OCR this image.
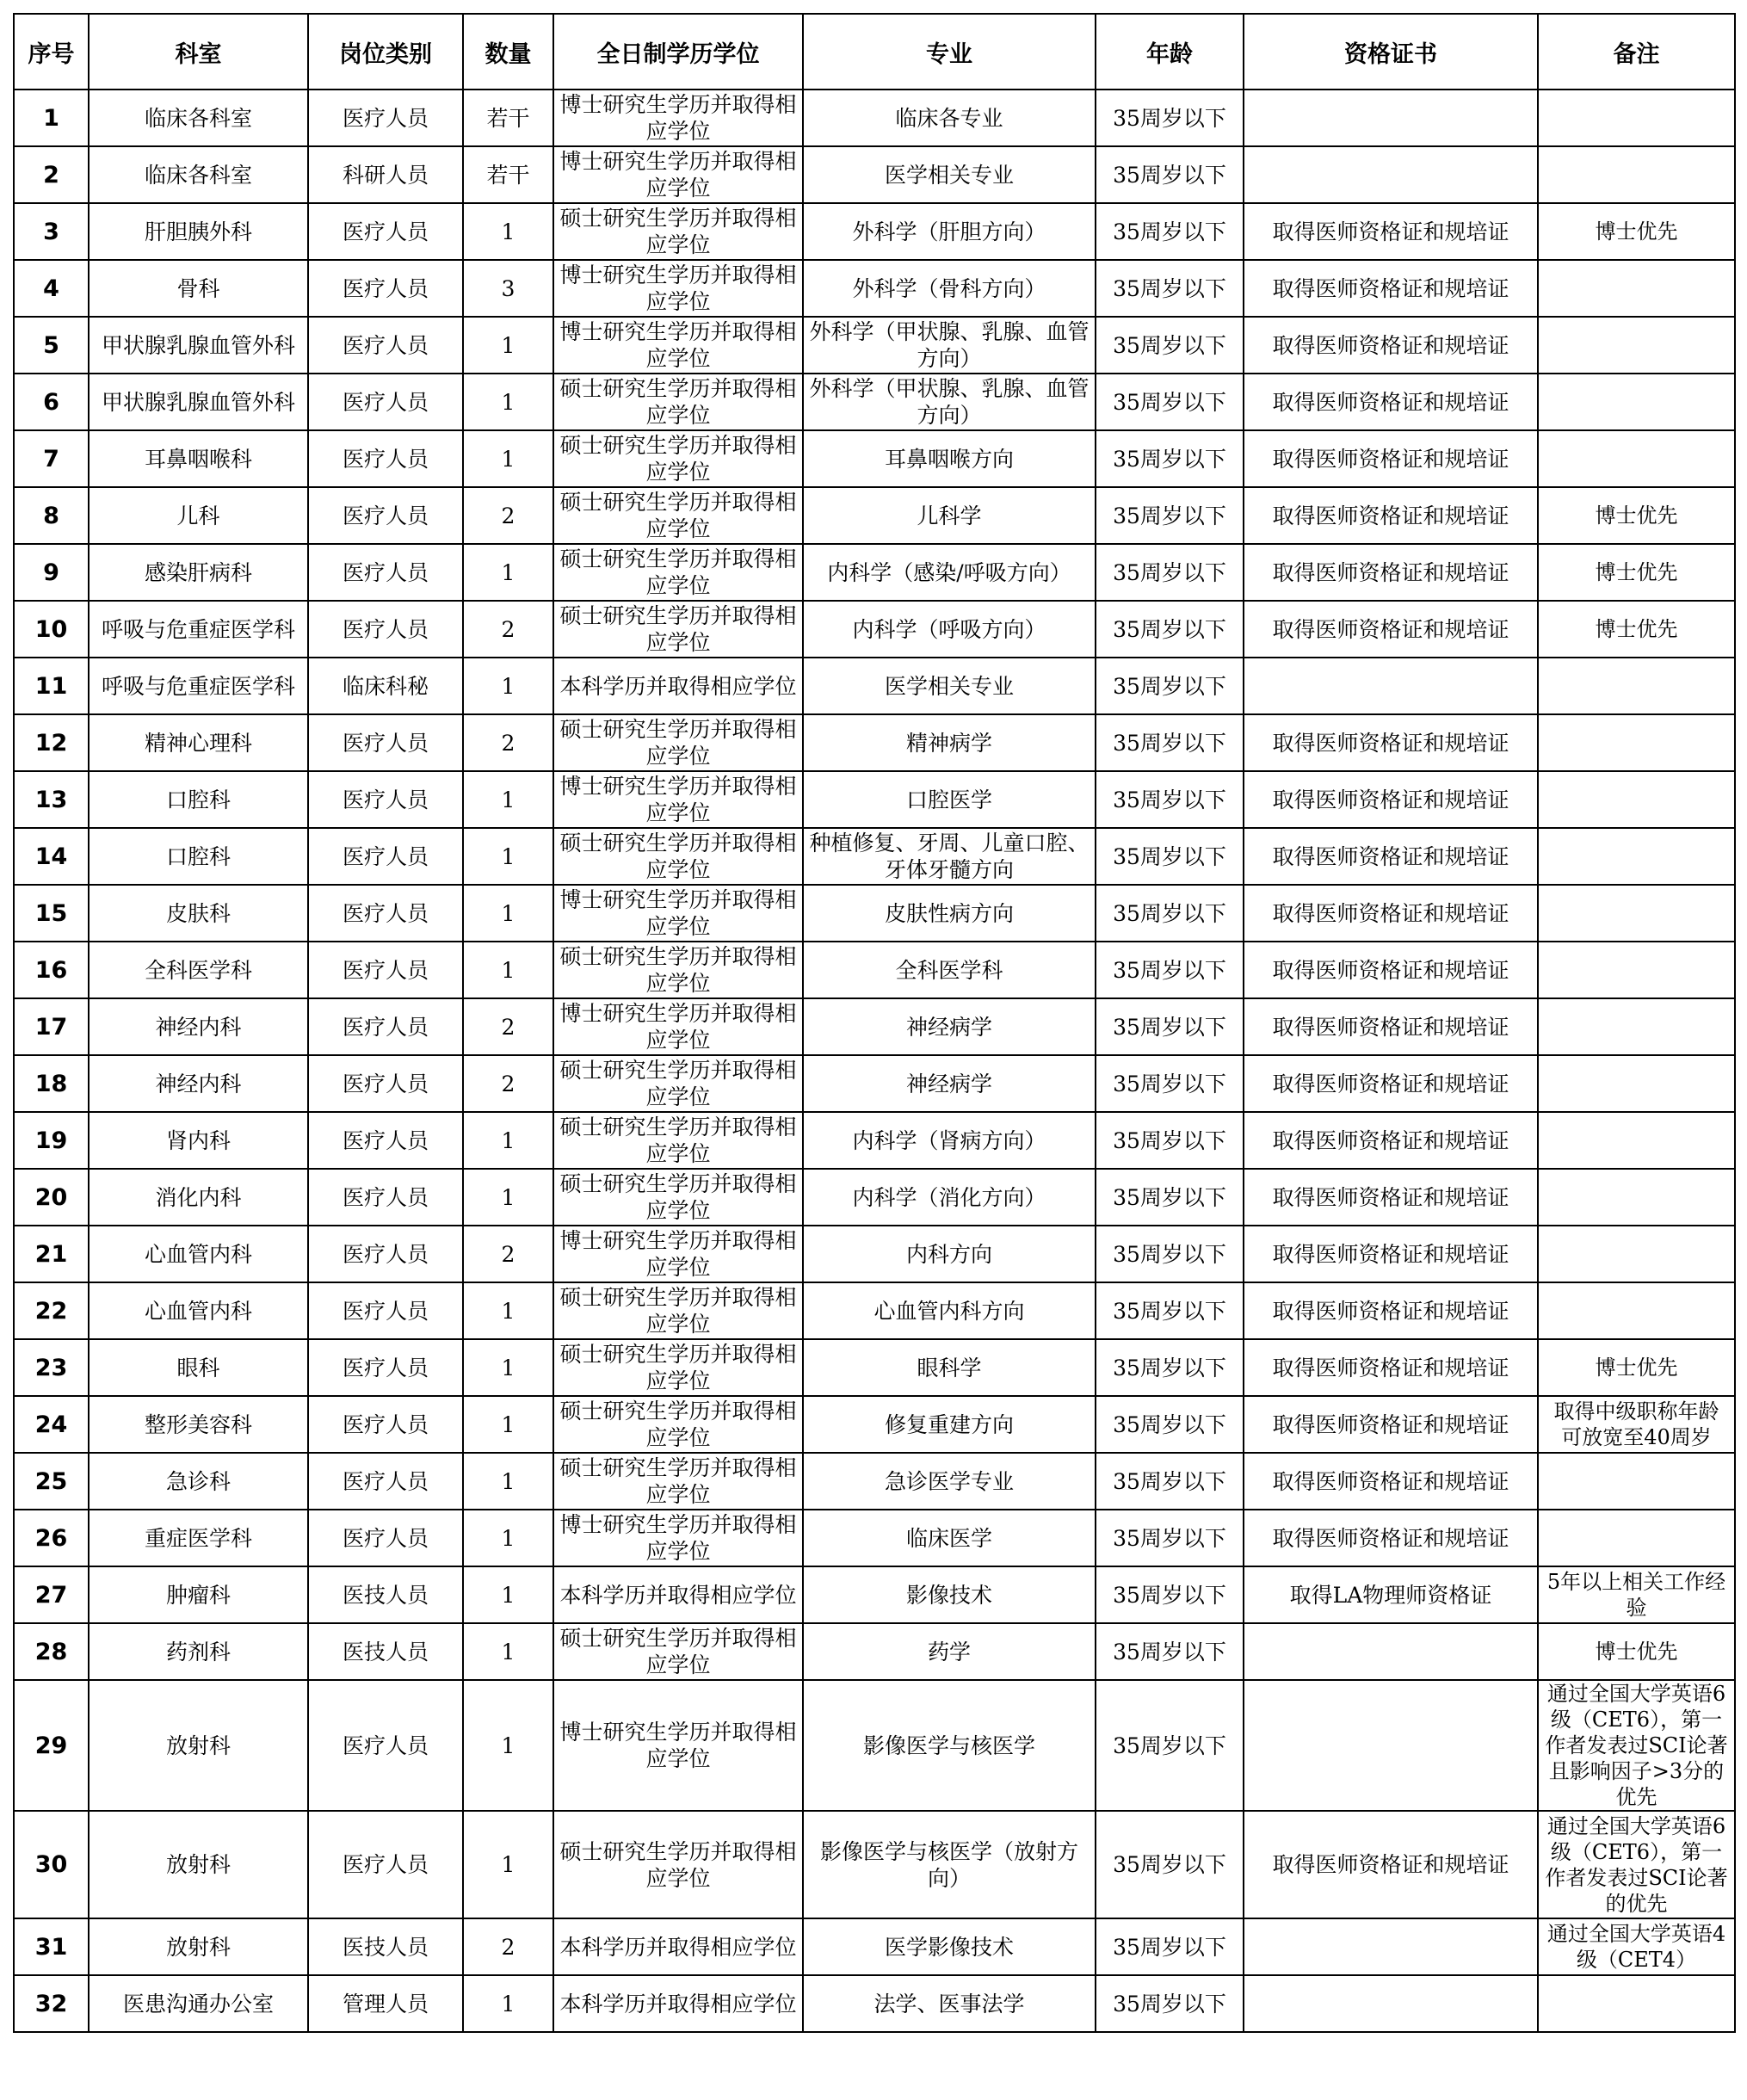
序号	科室	岗位类别	数量	全日制学历学位	专业	年龄	资格证书	备注
1	临床各科室	医疗人员	若干	博士研究生学历并取得相应学位	临床各专业	35周岁以下		
2	临床各科室	科研人员	若干	博士研究生学历并取得相应学位	医学相关专业	35周岁以下		
3	肝胆胰外科	医疗人员	1	硕士研究生学历并取得相应学位	外科学（肝胆方向）	35周岁以下	取得医师资格证和规培证	博士优先
4	骨科	医疗人员	3	博士研究生学历并取得相应学位	外科学（骨科方向）	35周岁以下	取得医师资格证和规培证	
5	甲状腺乳腺血管外科	医疗人员	1	博士研究生学历并取得相应学位	外科学（甲状腺、乳腺、血管方向）	35周岁以下	取得医师资格证和规培证	
6	甲状腺乳腺血管外科	医疗人员	1	硕士研究生学历并取得相应学位	外科学（甲状腺、乳腺、血管方向）	35周岁以下	取得医师资格证和规培证	
7	耳鼻咽喉科	医疗人员	1	硕士研究生学历并取得相应学位	耳鼻咽喉方向	35周岁以下	取得医师资格证和规培证	
8	儿科	医疗人员	2	硕士研究生学历并取得相应学位	儿科学	35周岁以下	取得医师资格证和规培证	博士优先
9	感染肝病科	医疗人员	1	硕士研究生学历并取得相应学位	内科学（感染/呼吸方向）	35周岁以下	取得医师资格证和规培证	博士优先
10	呼吸与危重症医学科	医疗人员	2	硕士研究生学历并取得相应学位	内科学（呼吸方向）	35周岁以下	取得医师资格证和规培证	博士优先
11	呼吸与危重症医学科	临床科秘	1	本科学历并取得相应学位	医学相关专业	35周岁以下		
12	精神心理科	医疗人员	2	硕士研究生学历并取得相应学位	精神病学	35周岁以下	取得医师资格证和规培证	
13	口腔科	医疗人员	1	博士研究生学历并取得相应学位	口腔医学	35周岁以下	取得医师资格证和规培证	
14	口腔科	医疗人员	1	硕士研究生学历并取得相应学位	种植修复、牙周、儿童口腔、牙体牙髓方向	35周岁以下	取得医师资格证和规培证	
15	皮肤科	医疗人员	1	博士研究生学历并取得相应学位	皮肤性病方向	35周岁以下	取得医师资格证和规培证	
16	全科医学科	医疗人员	1	硕士研究生学历并取得相应学位	全科医学科	35周岁以下	取得医师资格证和规培证	
17	神经内科	医疗人员	2	博士研究生学历并取得相应学位	神经病学	35周岁以下	取得医师资格证和规培证	
18	神经内科	医疗人员	2	硕士研究生学历并取得相应学位	神经病学	35周岁以下	取得医师资格证和规培证	
19	肾内科	医疗人员	1	硕士研究生学历并取得相应学位	内科学（肾病方向）	35周岁以下	取得医师资格证和规培证	
20	消化内科	医疗人员	1	硕士研究生学历并取得相应学位	内科学（消化方向）	35周岁以下	取得医师资格证和规培证	
21	心血管内科	医疗人员	2	博士研究生学历并取得相应学位	内科方向	35周岁以下	取得医师资格证和规培证	
22	心血管内科	医疗人员	1	硕士研究生学历并取得相应学位	心血管内科方向	35周岁以下	取得医师资格证和规培证	
23	眼科	医疗人员	1	硕士研究生学历并取得相应学位	眼科学	35周岁以下	取得医师资格证和规培证	博士优先
24	整形美容科	医疗人员	1	硕士研究生学历并取得相应学位	修复重建方向	35周岁以下	取得医师资格证和规培证	取得中级职称年龄可放宽至40周岁
25	急诊科	医疗人员	1	硕士研究生学历并取得相应学位	急诊医学专业	35周岁以下	取得医师资格证和规培证	
26	重症医学科	医疗人员	1	博士研究生学历并取得相应学位	临床医学	35周岁以下	取得医师资格证和规培证	
27	肿瘤科	医技人员	1	本科学历并取得相应学位	影像技术	35周岁以下	取得LA物理师资格证	5年以上相关工作经验
28	药剂科	医技人员	1	硕士研究生学历并取得相应学位	药学	35周岁以下		博士优先
29	放射科	医疗人员	1	博士研究生学历并取得相应学位	影像医学与核医学	35周岁以下		通过全国大学英语6级（CET6），第一作者发表过SCI论著且影响因子>3分的优先
30	放射科	医疗人员	1	硕士研究生学历并取得相应学位	影像医学与核医学（放射方向）	35周岁以下	取得医师资格证和规培证	通过全国大学英语6级（CET6），第一作者发表过SCI论著的优先
31	放射科	医技人员	2	本科学历并取得相应学位	医学影像技术	35周岁以下		通过全国大学英语4级（CET4）
32	医患沟通办公室	管理人员	1	本科学历并取得相应学位	法学、医事法学	35周岁以下		
